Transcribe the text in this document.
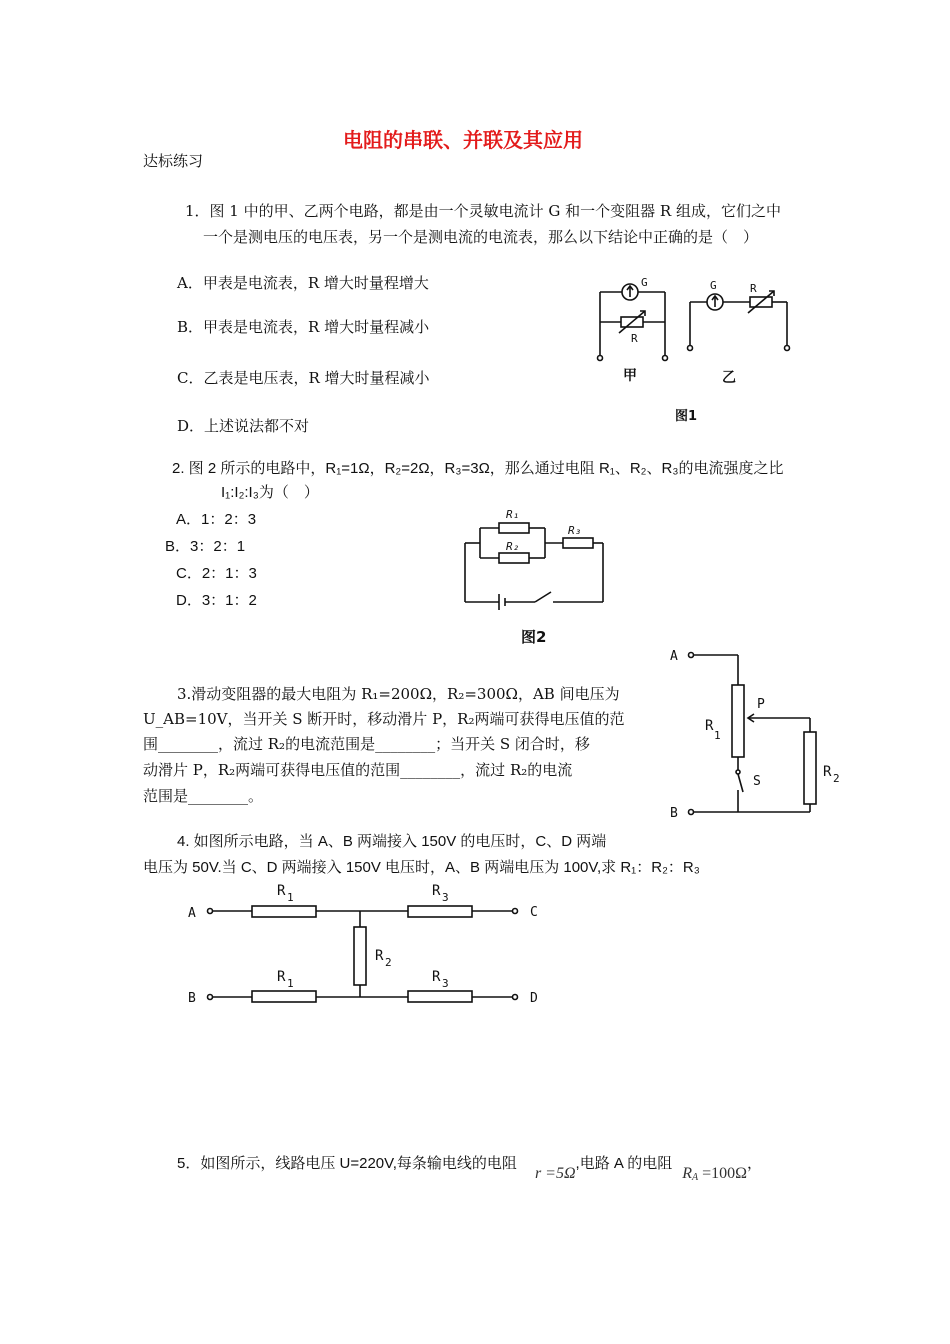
电阻的串联、并联及其应用
达标练习
1．图 1 中的甲、乙两个电路，都是由一个灵敏电流计 G 和一个变阻器 R 组成，它们之中
一个是测电压的电压表，另一个是测电流的电流表，那么以下结论中正确的是（　）
A．甲表是电流表，R 增大时量程增大
B．甲表是电流表，R 增大时量程减小
C．乙表是电压表，R 增大时量程减小
D．上述说法都不对
G
R
G	R
甲	乙
图1
2. 图 2 所示的电路中，R₁=1Ω，R₂=2Ω，R₃=3Ω，那么通过电阻 R₁、R₂、R₃的电流强度之比
I₁:I₂:I₃为（　）
A．1：2：3
B．3：2：1
C．2：1：3
D．3：1：2
R₁
R₂
R₃
图2
3.滑动变阻器的最大电阻为 R₁=200Ω，R₂=300Ω，AB 间电压为
U_AB=10V，当开关 S 断开时，移动滑片 P，R₂两端可获得电压值的范
围________，流过 R₂的电流范围是________；当开关 S 闭合时，移
动滑片 P，R₂两端可获得电压值的范围________，流过 R₂的电流
范围是________。
A
B
P
S
R
1
R 2
4. 如图所示电路，当 A、B 两端接入 150V 的电压时，C、D 两端
电压为 50V.当 C、D 两端接入 150V 电压时，A、B 两端电压为 100V,求 R₁：R₂：R₃
A
B
C
D
R 1	R 3
R 2
R 1	R 3
5．如图所示，线路电压 U=220V,每条输电线的电阻r =5Ω,电路 A 的电阻$R_A =100\Omega$，
